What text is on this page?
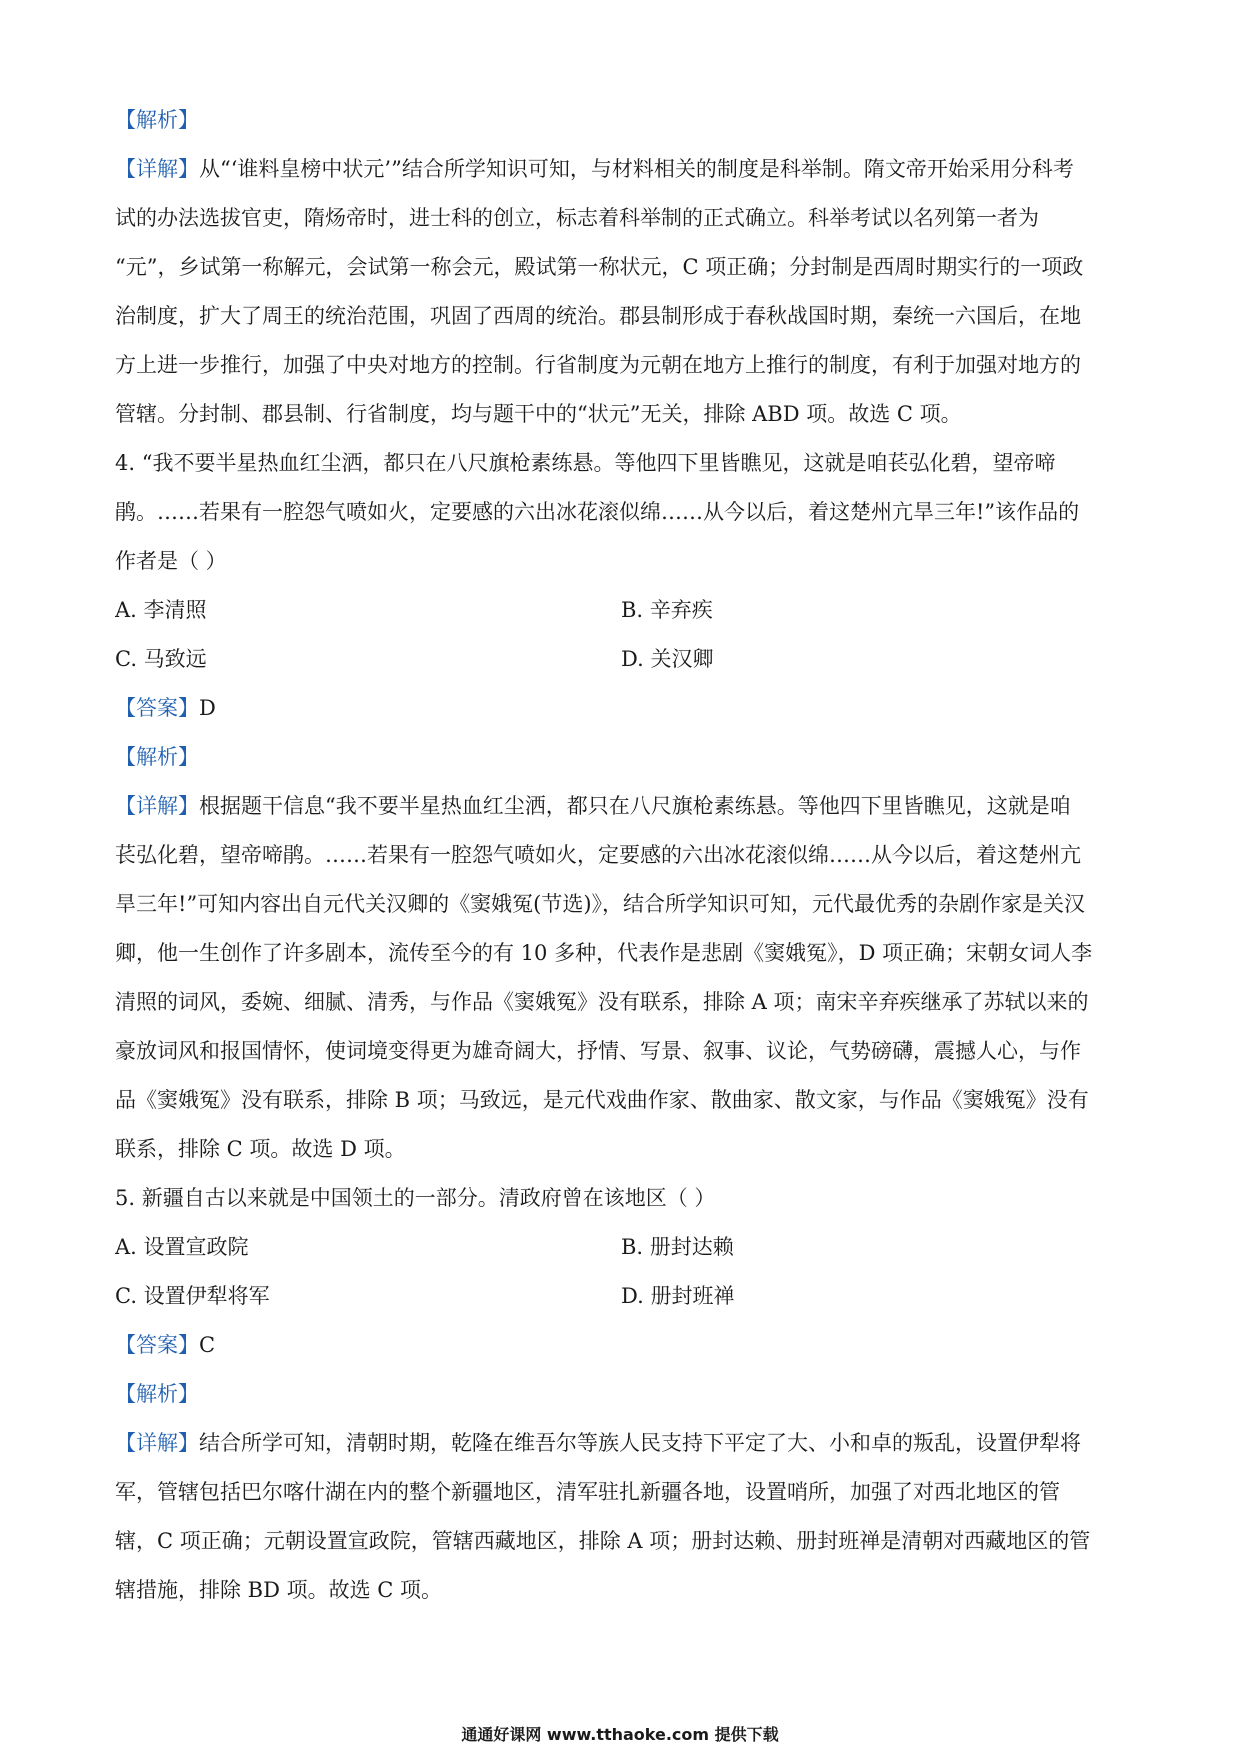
【解析】
【详解】从“‘谁料皇榜中状元’”结合所学知识可知，与材料相关的制度是科举制。隋文帝开始采用分科考
试的办法选拔官吏，隋炀帝时，进士科的创立，标志着科举制的正式确立。科举考试以名列第一者为
“元”，乡试第一称解元，会试第一称会元，殿试第一称状元，C 项正确；分封制是西周时期实行的一项政
治制度，扩大了周王的统治范围，巩固了西周的统治。郡县制形成于春秋战国时期，秦统一六国后，在地
方上进一步推行，加强了中央对地方的控制。行省制度为元朝在地方上推行的制度，有利于加强对地方的
管辖。分封制、郡县制、行省制度，均与题干中的“状元”无关，排除 ABD 项。故选 C 项。
4. “我不要半星热血红尘洒，都只在八尺旗枪素练悬。等他四下里皆瞧见，这就是咱苌弘化碧，望帝啼
鹃。……若果有一腔怨气喷如火，定要感的六出冰花滚似绵……从今以后，着这楚州亢旱三年!”该作品的
作者是（ ）
A. 李清照	B. 辛弃疾
C. 马致远	D. 关汉卿
【答案】D
【解析】
【详解】根据题干信息“我不要半星热血红尘洒，都只在八尺旗枪素练悬。等他四下里皆瞧见，这就是咱
苌弘化碧，望帝啼鹃。……若果有一腔怨气喷如火，定要感的六出冰花滚似绵……从今以后，着这楚州亢
旱三年!”可知内容出自元代关汉卿的《窦娥冤(节选)》，结合所学知识可知，元代最优秀的杂剧作家是关汉
卿，他一生创作了许多剧本，流传至今的有 10 多种，代表作是悲剧《窦娥冤》，D 项正确；宋朝女词人李
清照的词风，委婉、细腻、清秀，与作品《窦娥冤》没有联系，排除 A 项；南宋辛弃疾继承了苏轼以来的
豪放词风和报国情怀，使词境变得更为雄奇阔大，抒情、写景、叙事、议论，气势磅礴，震撼人心，与作
品《窦娥冤》没有联系，排除 B 项；马致远，是元代戏曲作家、散曲家、散文家，与作品《窦娥冤》没有
联系，排除 C 项。故选 D 项。
5. 新疆自古以来就是中国领土的一部分。清政府曾在该地区（ ）
A. 设置宣政院	B. 册封达赖
C. 设置伊犁将军	D. 册封班禅
【答案】C
【解析】
【详解】结合所学可知，清朝时期，乾隆在维吾尔等族人民支持下平定了大、小和卓的叛乱，设置伊犁将
军，管辖包括巴尔喀什湖在内的整个新疆地区，清军驻扎新疆各地，设置哨所，加强了对西北地区的管
辖，C 项正确；元朝设置宣政院，管辖西藏地区，排除 A 项；册封达赖、册封班禅是清朝对西藏地区的管
辖措施，排除 BD 项。故选 C 项。
通通好课网 www.tthaoke.com 提供下载
